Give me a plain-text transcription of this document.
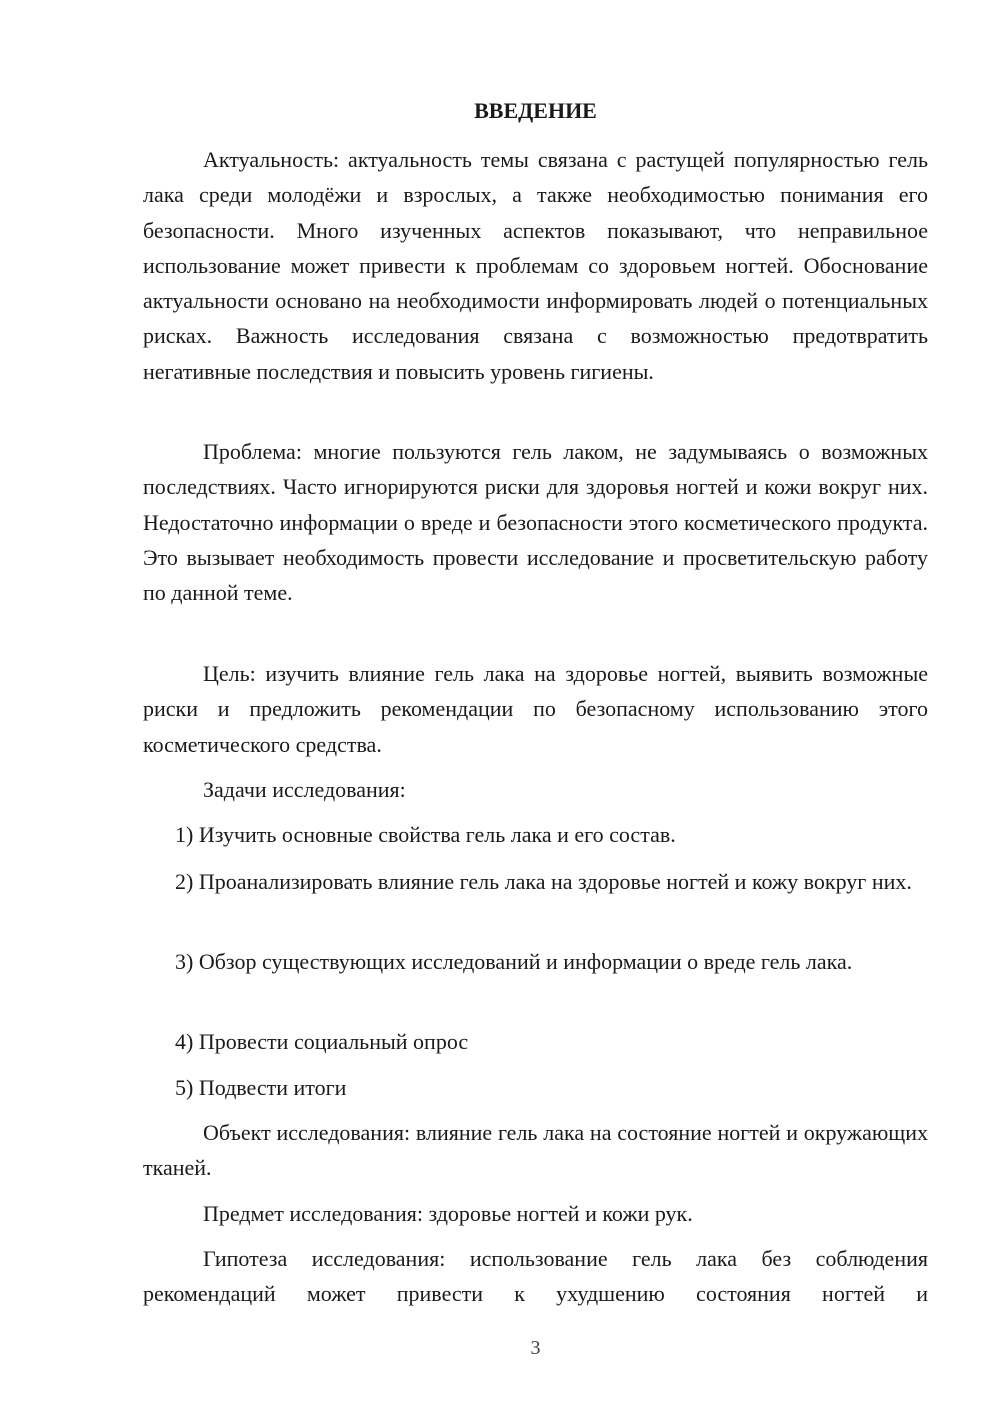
ВВЕДЕНИЕ

Актуальность: актуальность темы связана с растущей популярностью гель лака среди молодёжи и взрослых, а также необходимостью понимания его безопасности. Много изученных аспектов показывают, что неправильное использование может привести к проблемам со здоровьем ногтей. Обоснование актуальности основано на необходимости информировать людей о потенциальных рисках. Важность исследования связана с возможностью предотвратить негативные последствия и повысить уровень гигиены.

Проблема: многие пользуются гель лаком, не задумываясь о возможных последствиях. Часто игнорируются риски для здоровья ногтей и кожи вокруг них. Недостаточно информации о вреде и безопасности этого косметического продукта. Это вызывает необходимость провести исследование и просветительскую работу по данной теме.

Цель: изучить влияние гель лака на здоровье ногтей, выявить возможные риски и предложить рекомендации по безопасному использованию этого косметического средства.

Задачи исследования:

1) Изучить основные свойства гель лака и его состав.

2) Проанализировать влияние гель лака на здоровье ногтей и кожу вокруг них.

3) Обзор существующих исследований и информации о вреде гель лака.

4) Провести социальный опрос

5) Подвести итоги

Объект исследования: влияние гель лака на состояние ногтей и окружающих тканей.

Предмет исследования: здоровье ногтей и кожи рук.

Гипотеза исследования: использование гель лака без соблюдения рекомендаций может привести к ухудшению состояния ногтей и

3
